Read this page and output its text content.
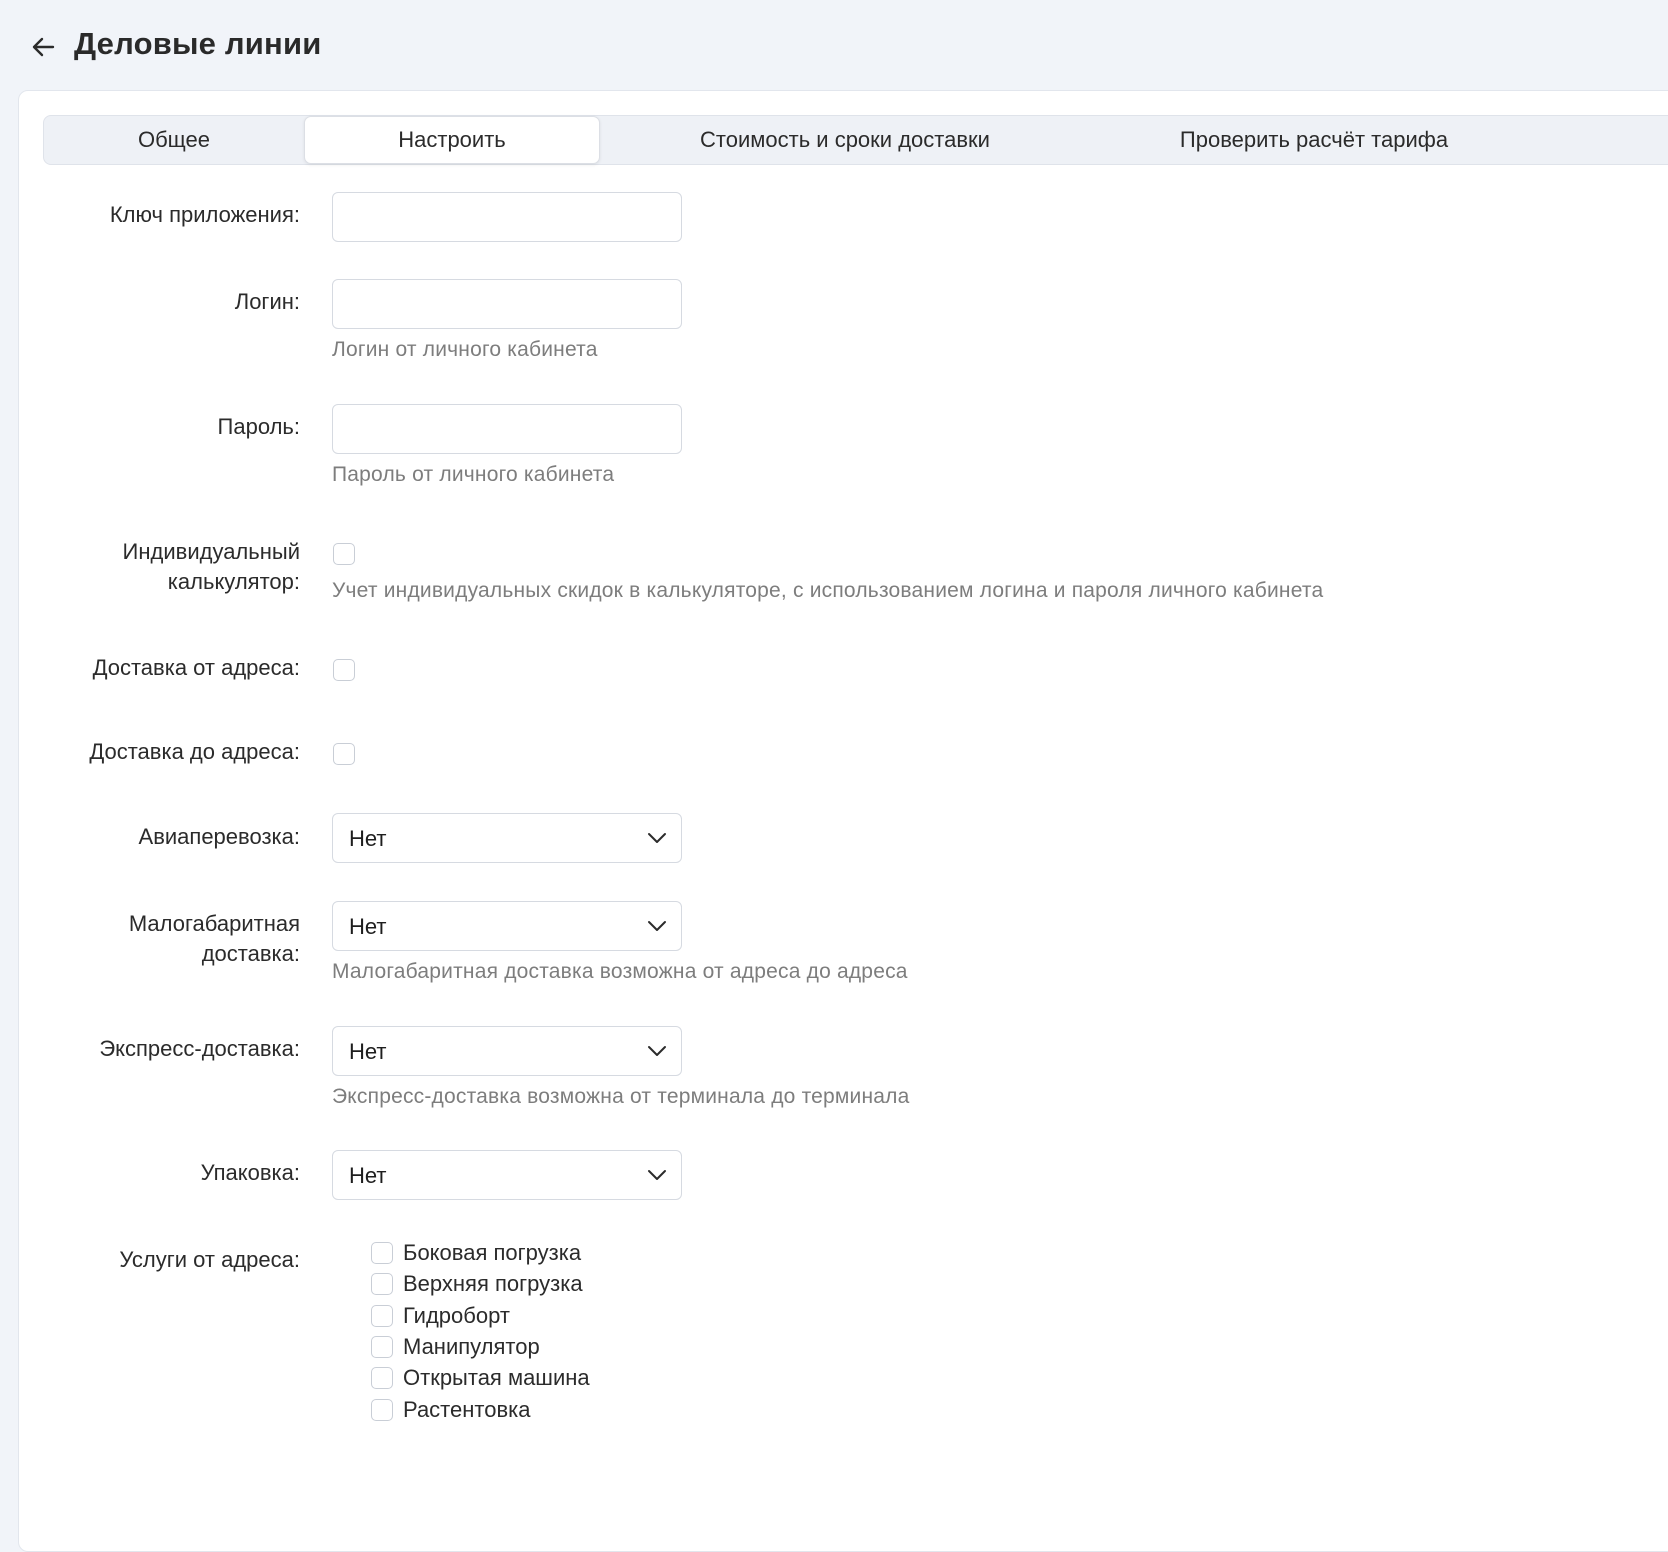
Деловые линии
Общее	Настроить	Стоимость и сроки доставки	Проверить расчёт тарифа
Ключ приложения:
Логин:
Логин от личного кабинета
Пароль:
Пароль от личного кабинета
Индивидуальный
калькулятор: Учет индивидуальных скидок в калькуляторе, с использованием логина и пароля личного кабинета
Доставка от адреса:
Доставка до адреса:
Авиаперевозка: Нет
Малогабаритная
доставка:
Нет
Малогабаритная доставка возможна от адреса до адреса
Экспресс-доставка: Нет
Экспресс-доставка возможна от терминала до терминала
Упаковка: Нет
Услуги от адреса:	Боковая погрузка
Верхняя погрузка
Гидроборт
Манипулятор
Открытая машина
Растентовка
